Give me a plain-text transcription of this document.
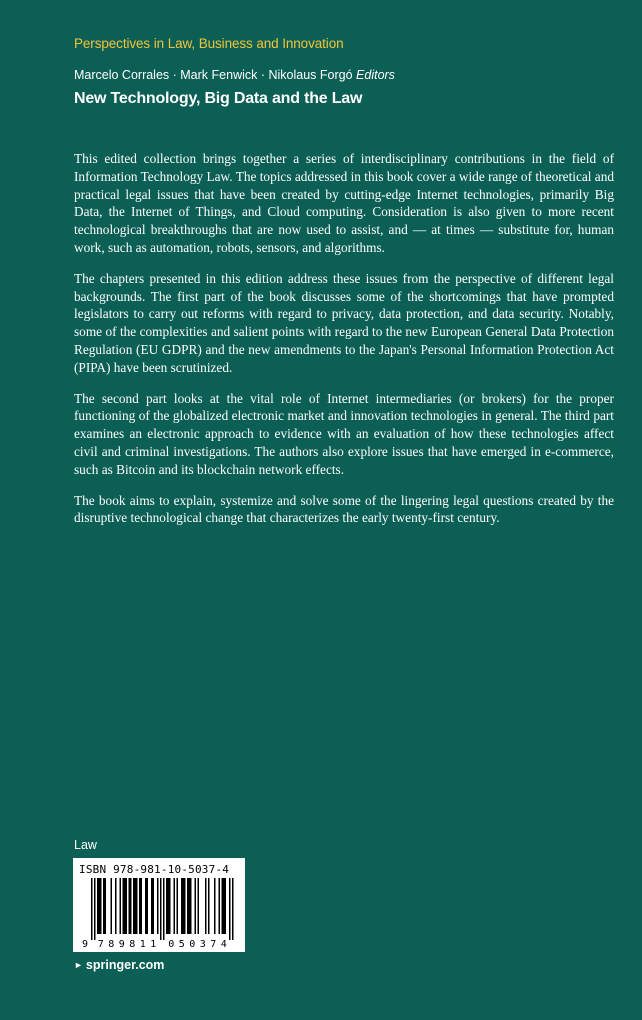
Perspectives in Law, Business and Innovation
Marcelo Corrales · Mark Fenwick · Nikolaus Forgó Editors
New Technology, Big Data and the Law

This edited collection brings together a series of interdisciplinary contributions in the field of Information Technology Law. The topics addressed in this book cover a wide range of theoretical and practical legal issues that have been created by cutting-edge Internet technologies, primarily Big Data, the Internet of Things, and Cloud computing. Consideration is also given to more recent technological breakthroughs that are now used to assist, and — at times — substitute for, human work, such as automation, robots, sensors, and algorithms.

The chapters presented in this edition address these issues from the perspective of different legal backgrounds. The first part of the book discusses some of the shortcomings that have prompted legislators to carry out reforms with regard to privacy, data protection, and data security. Notably, some of the complexities and salient points with regard to the new European General Data Protection Regulation (EU GDPR) and the new amendments to the Japan's Personal Information Protection Act (PIPA) have been scrutinized.

The second part looks at the vital role of Internet intermediaries (or brokers) for the proper functioning of the globalized electronic market and innovation technologies in general. The third part examines an electronic approach to evidence with an evaluation of how these technologies affect civil and criminal investigations. The authors also explore issues that have emerged in e-commerce, such as Bitcoin and its blockchain network effects.

The book aims to explain, systemize and solve some of the lingering legal questions created by the disruptive technological change that characterizes the early twenty-first century.

Law
ISBN 978-981-10-5037-4
9 7 8 9 8 1 1 0 5 0 3 7 4
► springer.com
